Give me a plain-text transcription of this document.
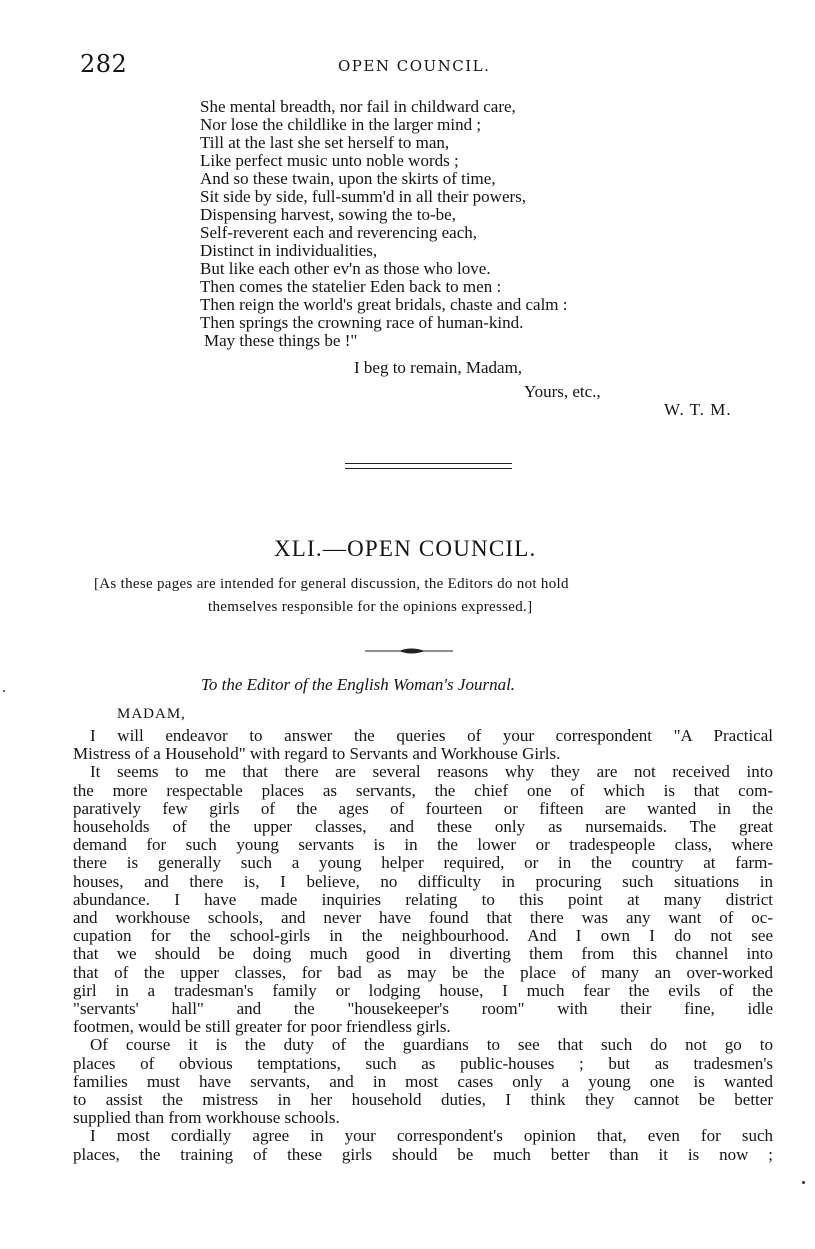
282	OPEN COUNCIL.
She mental breadth, nor fail in childward care,
Nor lose the childlike in the larger mind ;
Till at the last she set herself to man,
Like perfect music unto noble words ;
And so these twain, upon the skirts of time,
Sit side by side, full-summ'd in all their powers,
Dispensing harvest, sowing the to-be,
Self-reverent each and reverencing each,
Distinct in individualities,
But like each other ev'n as those who love.
Then comes the statelier Eden back to men :
Then reign the world's great bridals, chaste and calm :
Then springs the crowning race of human-kind.
May these things be !"
I beg to remain, Madam,
Yours, etc.,
W. T. M.
XLI.—OPEN COUNCIL.
[As these pages are intended for general discussion, the Editors do not hold
themselves responsible for the opinions expressed.]
To the Editor of the English Woman's Journal.
MADAM,
I will endeavor to answer the queries of your correspondent "A Practical
Mistress of a Household" with regard to Servants and Workhouse Girls.
It seems to me that there are several reasons why they are not received into
the more respectable places as servants, the chief one of which is that com-
paratively few girls of the ages of fourteen or fifteen are wanted in the
households of the upper classes, and these only as nursemaids. The great
demand for such young servants is in the lower or tradespeople class, where
there is generally such a young helper required, or in the country at farm-
houses, and there is, I believe, no difficulty in procuring such situations in
abundance. I have made inquiries relating to this point at many district
and workhouse schools, and never have found that there was any want of oc-
cupation for the school-girls in the neighbourhood. And I own I do not see
that we should be doing much good in diverting them from this channel into
that of the upper classes, for bad as may be the place of many an over-worked
girl in a tradesman's family or lodging house, I much fear the evils of the
"servants' hall" and the "housekeeper's room" with their fine, idle
footmen, would be still greater for poor friendless girls.
Of course it is the duty of the guardians to see that such do not go to
places of obvious temptations, such as public-houses ; but as tradesmen's
families must have servants, and in most cases only a young one is wanted
to assist the mistress in her household duties, I think they cannot be better
supplied than from workhouse schools.
I most cordially agree in your correspondent's opinion that, even for such
places, the training of these girls should be much better than it is now ;
